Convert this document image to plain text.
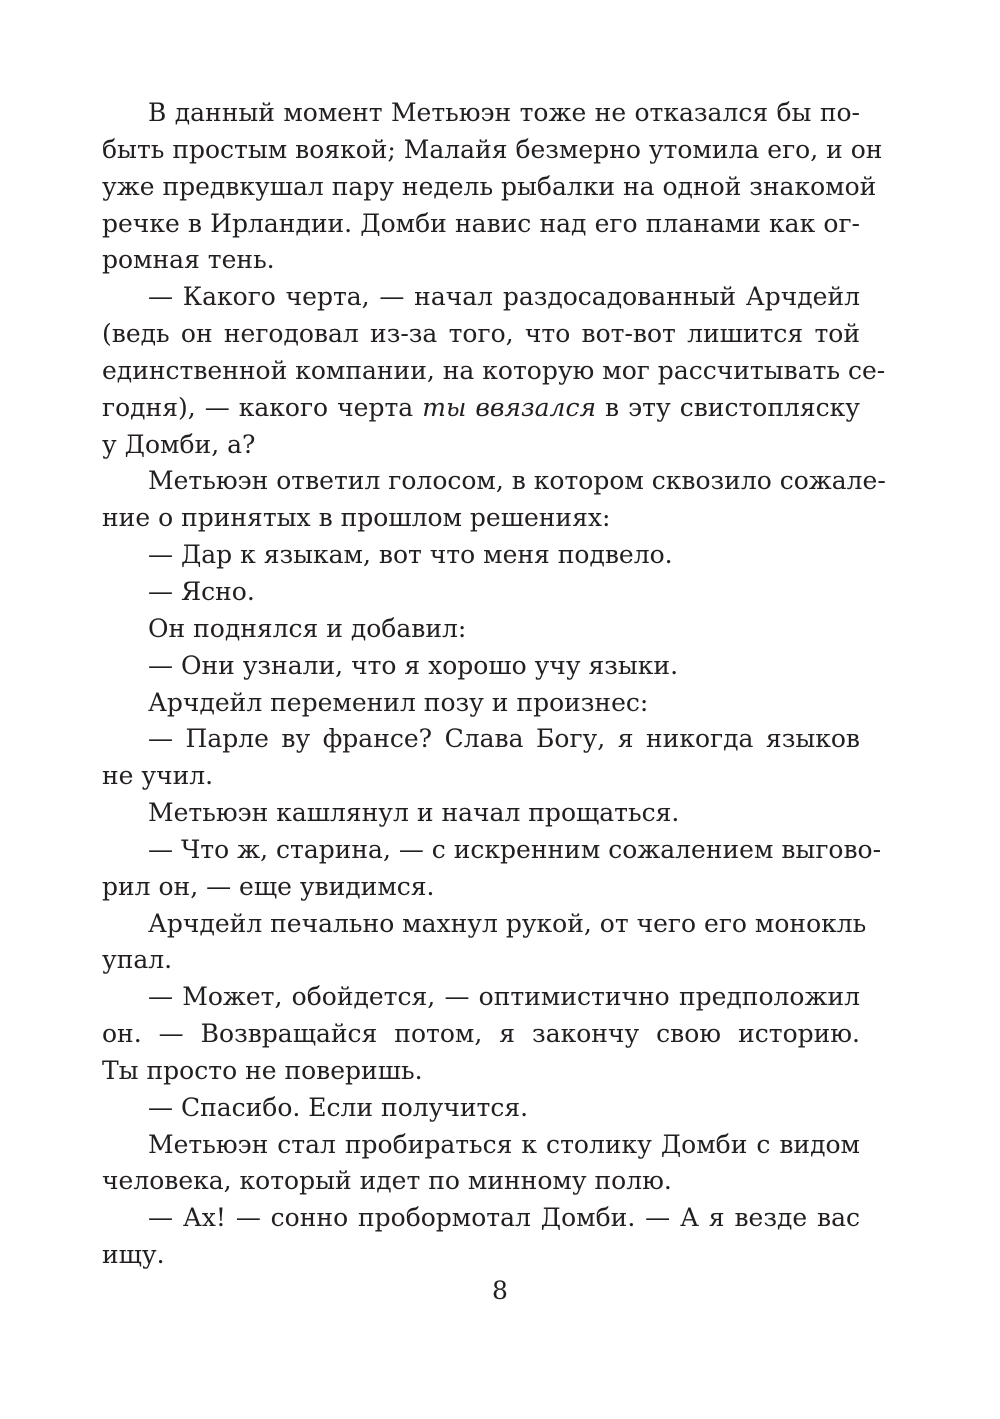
В данный момент Метьюэн тоже не отказался бы по-
быть простым воякой; Малайя безмерно утомила его, и он
уже предвкушал пару недель рыбалки на одной знакомой
речке в Ирландии. Домби навис над его планами как ог-
ромная тень.
— Какого черта, — начал раздосадованный Арчдейл
(ведь он негодовал из-за того, что вот-вот лишится той
единственной компании, на которую мог рассчитывать се-
годня), — какого черта ты ввязался в эту свистопляску
у Домби, а?
Метьюэн ответил голосом, в котором сквозило сожале-
ние о принятых в прошлом решениях:
— Дар к языкам, вот что меня подвело.
— Ясно.
Он поднялся и добавил:
— Они узнали, что я хорошо учу языки.
Арчдейл переменил позу и произнес:
— Парле ву франсе? Слава Богу, я никогда языков
не учил.
Метьюэн кашлянул и начал прощаться.
— Что ж, старина, — с искренним сожалением выгово-
рил он, — еще увидимся.
Арчдейл печально махнул рукой, от чего его монокль
упал.
— Может, обойдется, — оптимистично предположил
он. — Возвращайся потом, я закончу свою историю.
Ты просто не поверишь.
— Спасибо. Если получится.
Метьюэн стал пробираться к столику Домби с видом
человека, который идет по минному полю.
— Ах! — сонно пробормотал Домби. — А я везде вас
ищу.
8
